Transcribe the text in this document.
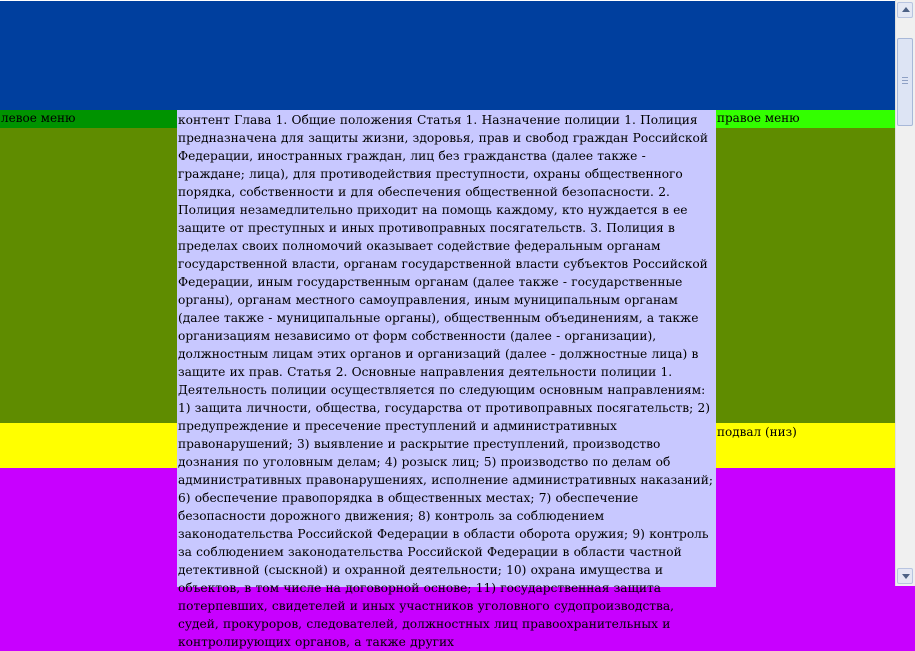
левое меню	контент Глава 1. Общие положения Статья 1. Назначение полиции 1. Полиция предназначена для защиты жизни, здоровья, прав и свобод граждан Российской Федерации, иностранных граждан, лиц без гражданства (далее также - граждане; лица), для противодействия преступности, охраны общественного порядка, собственности и для обеспечения общественной безопасности. 2. Полиция незамедлительно приходит на помощь каждому, кто нуждается в ее защите от преступных и иных противоправных посягательств. 3. Полиция в пределах своих полномочий оказывает содействие федеральным органам государственной власти, органам государственной власти субъектов Российской Федерации, иным государственным органам (далее также - государственные органы), органам местного самоуправления, иным муниципальным органам (далее также - муниципальные органы), общественным объединениям, а также организациям независимо от форм собственности (далее - организации), должностным лицам этих органов и организаций (далее - должностные лица) в защите их прав. Статья 2. Основные направления деятельности полиции 1. Деятельность полиции осуществляется по следующим основным направлениям: 1) защита личности, общества, государства от противоправных посягательств; 2) предупреждение и пресечение преступлений и административных правонарушений; 3) выявление и раскрытие преступлений, производство дознания по уголовным делам; 4) розыск лиц; 5) производство по делам об административных правонарушениях, исполнение административных наказаний; 6) обеспечение правопорядка в общественных местах; 7) обеспечение безопасности дорожного движения; 8) контроль за соблюдением законодательства Российской Федерации в области оборота оружия; 9) контроль за соблюдением законодательства Российской Федерации в области частной детективной (сыскной) и охранной деятельности; 10) охрана имущества и объектов, в том числе на договорной основе; 11) государственная защита потерпевших, свидетелей и иных участников уголовного судопроизводства, судей, прокуроров, следователей, должностных лиц правоохранительных и контролирующих органов, а также других
правое меню
подвал (низ)
